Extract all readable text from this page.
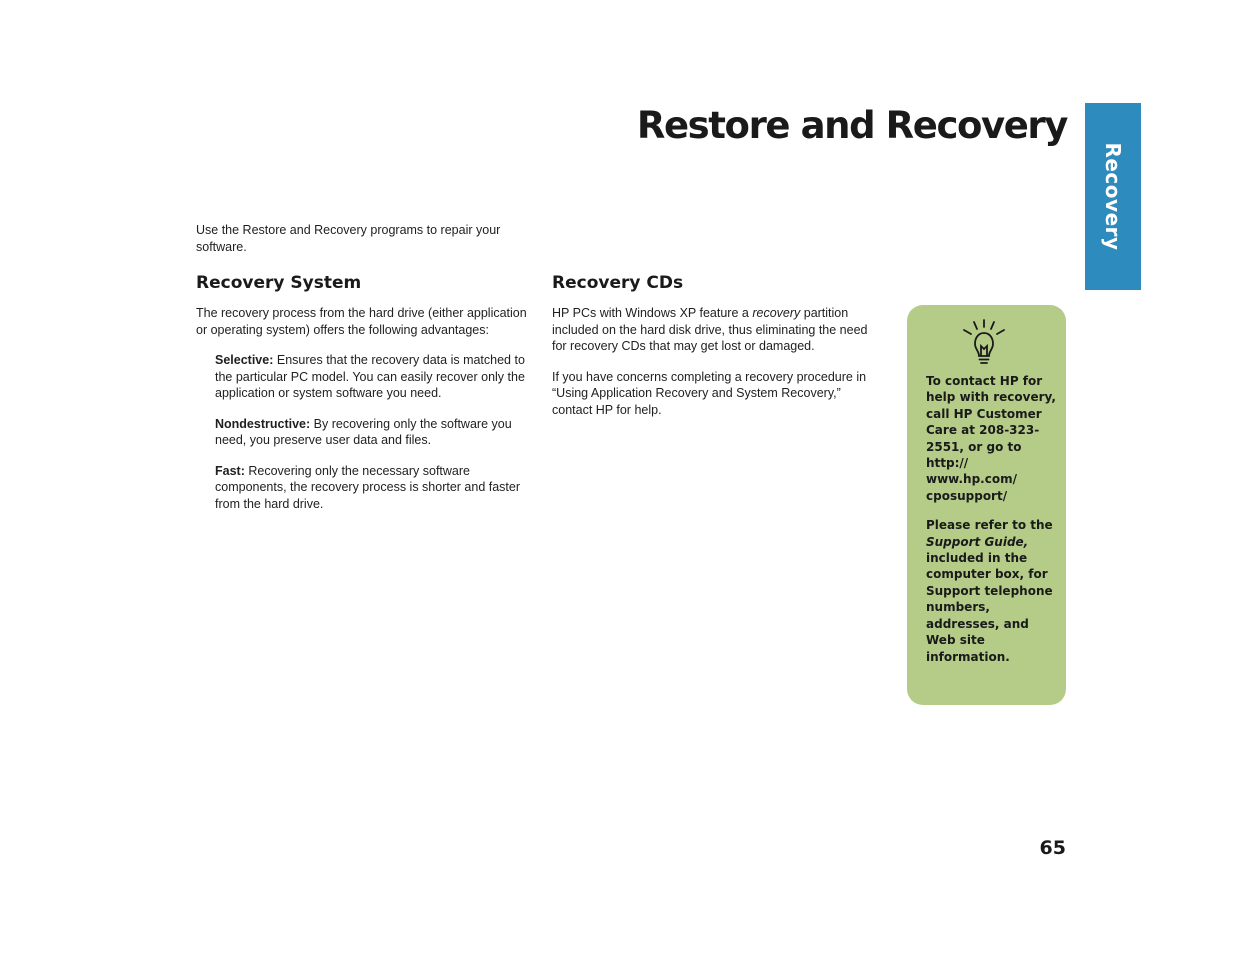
Restore and Recovery
Recovery

Use the Restore and Recovery programs to repair your software.

Recovery System

The recovery process from the hard drive (either application or operating system) offers the following advantages:

Selective: Ensures that the recovery data is matched to the particular PC model. You can easily recover only the application or system software you need.

Nondestructive: By recovering only the software you need, you preserve user data and files.

Fast: Recovering only the necessary software components, the recovery process is shorter and faster from the hard drive.

Recovery CDs

HP PCs with Windows XP feature a recovery partition included on the hard disk drive, thus eliminating the need for recovery CDs that may get lost or damaged.

If you have concerns completing a recovery procedure in “Using Application Recovery and System Recovery,” contact HP for help.

To contact HP for help with recovery, call HP Customer Care at 208-323-2551, or go to http:// www.hp.com/ cposupport/

Please refer to the Support Guide, included in the computer box, for Support telephone numbers, addresses, and Web site information.

65
